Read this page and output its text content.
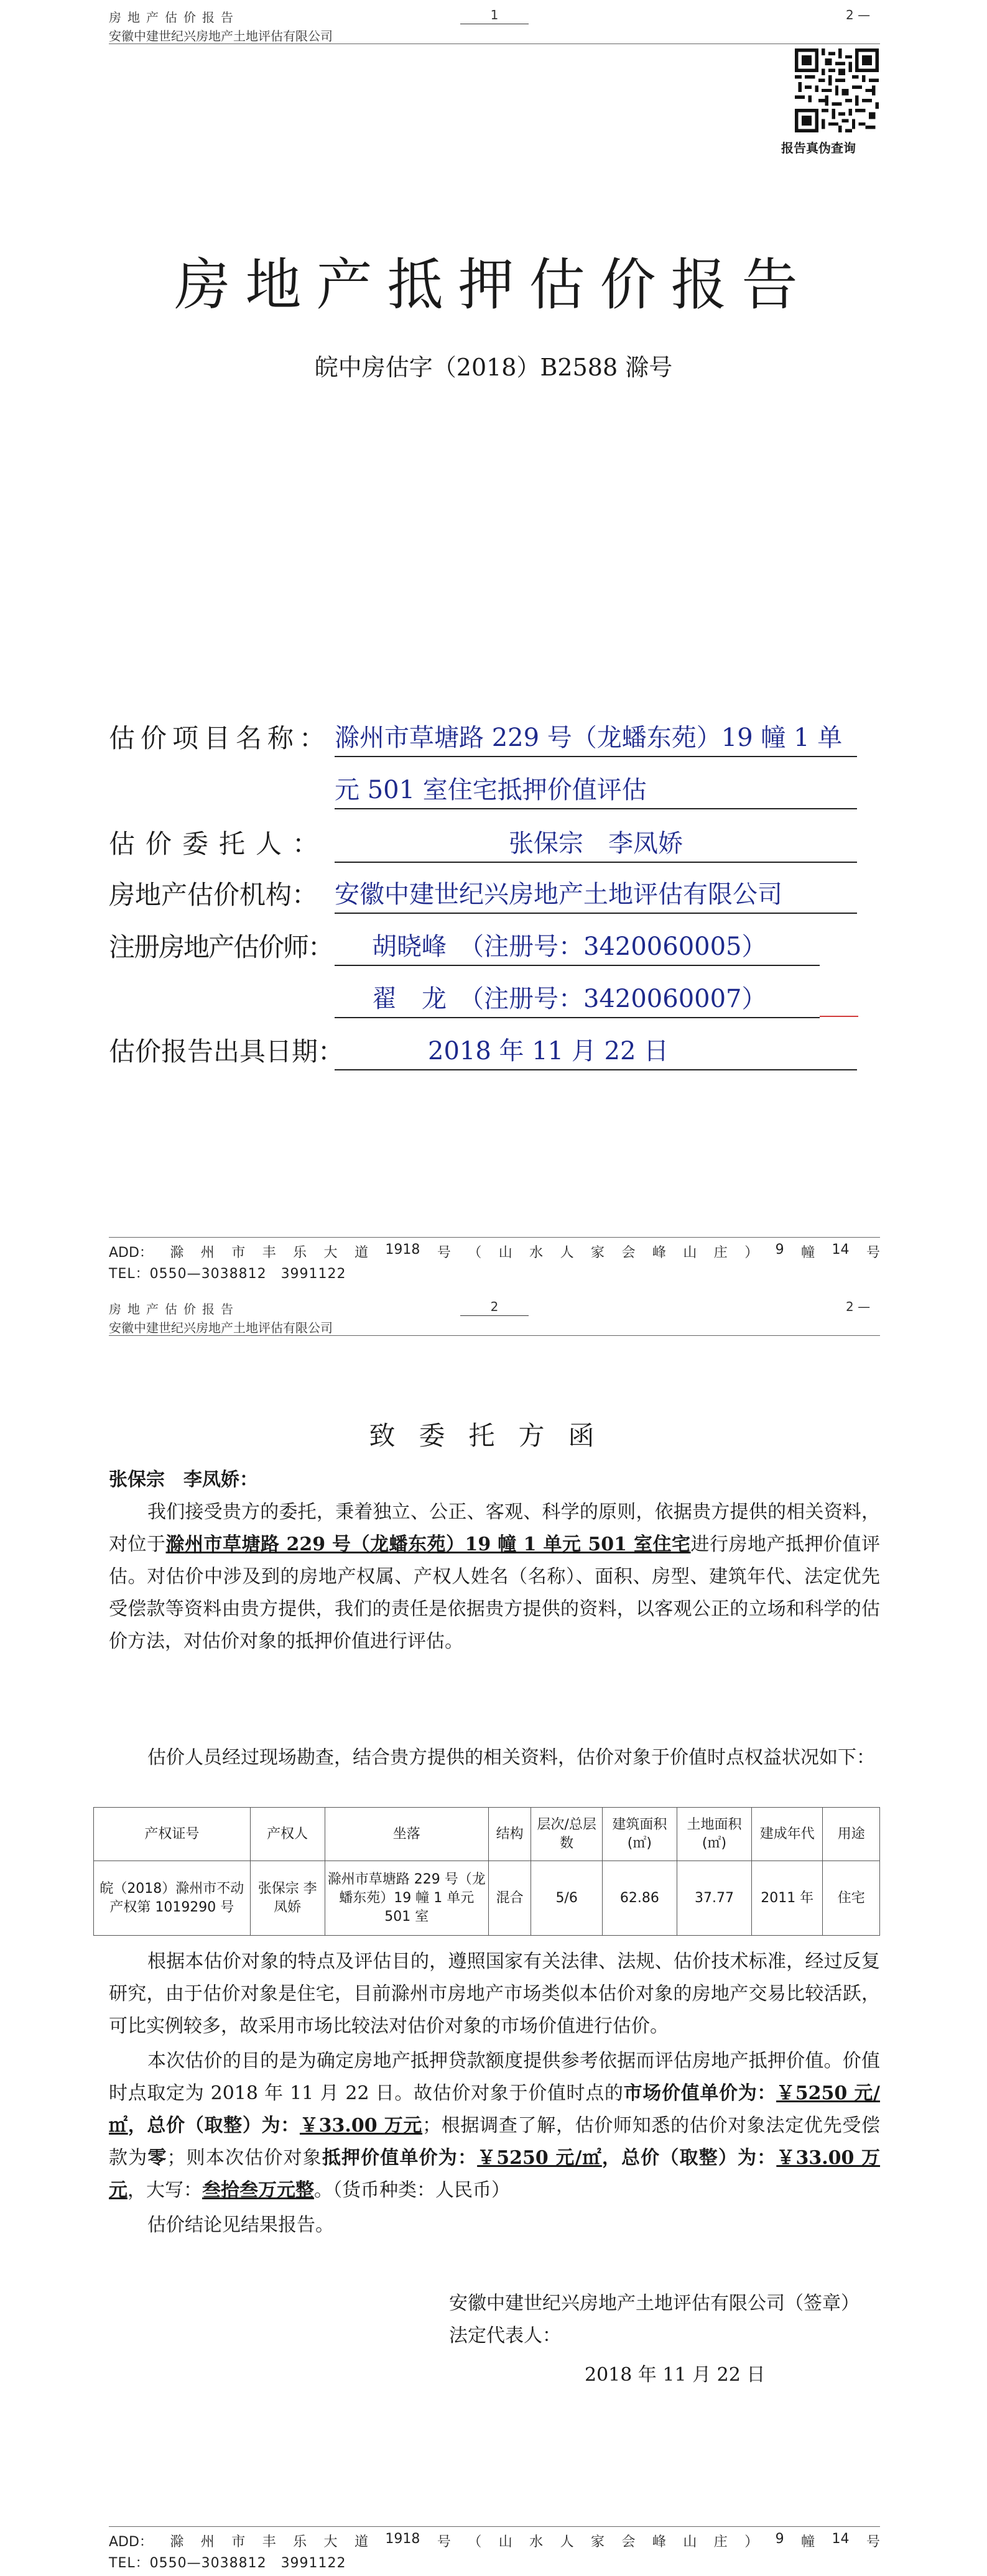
房地产估价报告
安徽中建世纪兴房地产土地评估有限公司
1	2 —
报告真伪查询
房地产抵押估价报告
皖中房估字（2018）B2588 滁号
估价项目名称： 滁州市草塘路 229 号（龙蟠东苑）19 幢 1 单
元 501 室住宅抵押价值评估
估价委托人：	张保宗　李凤娇
房地产估价机构： 安徽中建世纪兴房地产土地评估有限公司
注册房地产估价师：	胡晓峰　（注册号：3420060005）
翟　龙　（注册号：3420060007）
估价报告出具日期：	2018 年 11 月 22 日
ADD： 滁 州 市 丰 乐 大 道 1918 号 （ 山 水 人 家 会 峰 山 庄 ） 9 幢 14 号
TEL：0550—3038812　3991122
房地产估价报告
安徽中建世纪兴房地产土地评估有限公司
2	2 —
致委托方函
张保宗　李凤娇：
我们接受贵方的委托，秉着独立、公正、客观、科学的原则，依据贵方提供的相关资料，对位于滁州市草塘路 229 号（龙蟠东苑）19 幢 1 单元 501 室住宅进行房地产抵押价值评估。对估价中涉及到的房地产权属、产权人姓名（名称）、面积、房型、建筑年代、法定优先受偿款等资料由贵方提供，我们的责任是依据贵方提供的资料，以客观公正的立场和科学的估价方法，对估价对象的抵押价值进行评估。
估价人员经过现场勘查，结合贵方提供的相关资料，估价对象于价值时点权益状况如下：
产权证号	产权人	坐落	结构	层次/总层数	建筑面积(㎡)	土地面积(㎡)	建成年代	用途
皖（2018）滁州市不动产权第 1019290 号	张保宗 李凤娇	滁州市草塘路 229 号（龙蟠东苑）19 幢 1 单元 501 室	混合	5/6	62.86	37.77	2011 年	住宅
根据本估价对象的特点及评估目的，遵照国家有关法律、法规、估价技术标准，经过反复研究，由于估价对象是住宅，目前滁州市房地产市场类似本估价对象的房地产交易比较活跃，可比实例较多，故采用市场比较法对估价对象的市场价值进行估价。
本次估价的目的是为确定房地产抵押贷款额度提供参考依据而评估房地产抵押价值。价值时点取定为 2018 年 11 月 22 日。故估价对象于价值时点的市场价值单价为：￥5250 元/㎡，总价（取整）为：￥33.00 万元；根据调查了解，估价师知悉的估价对象法定优先受偿款为零；则本次估价对象抵押价值单价为：￥5250 元/㎡，总价（取整）为：￥33.00 万元，大写：叁拾叁万元整。（货币种类：人民币）
估价结论见结果报告。
安徽中建世纪兴房地产土地评估有限公司（签章）
法定代表人：
2018 年 11 月 22 日
ADD： 滁 州 市 丰 乐 大 道 1918 号 （ 山 水 人 家 会 峰 山 庄 ） 9 幢 14 号
TEL：0550—3038812　3991122
